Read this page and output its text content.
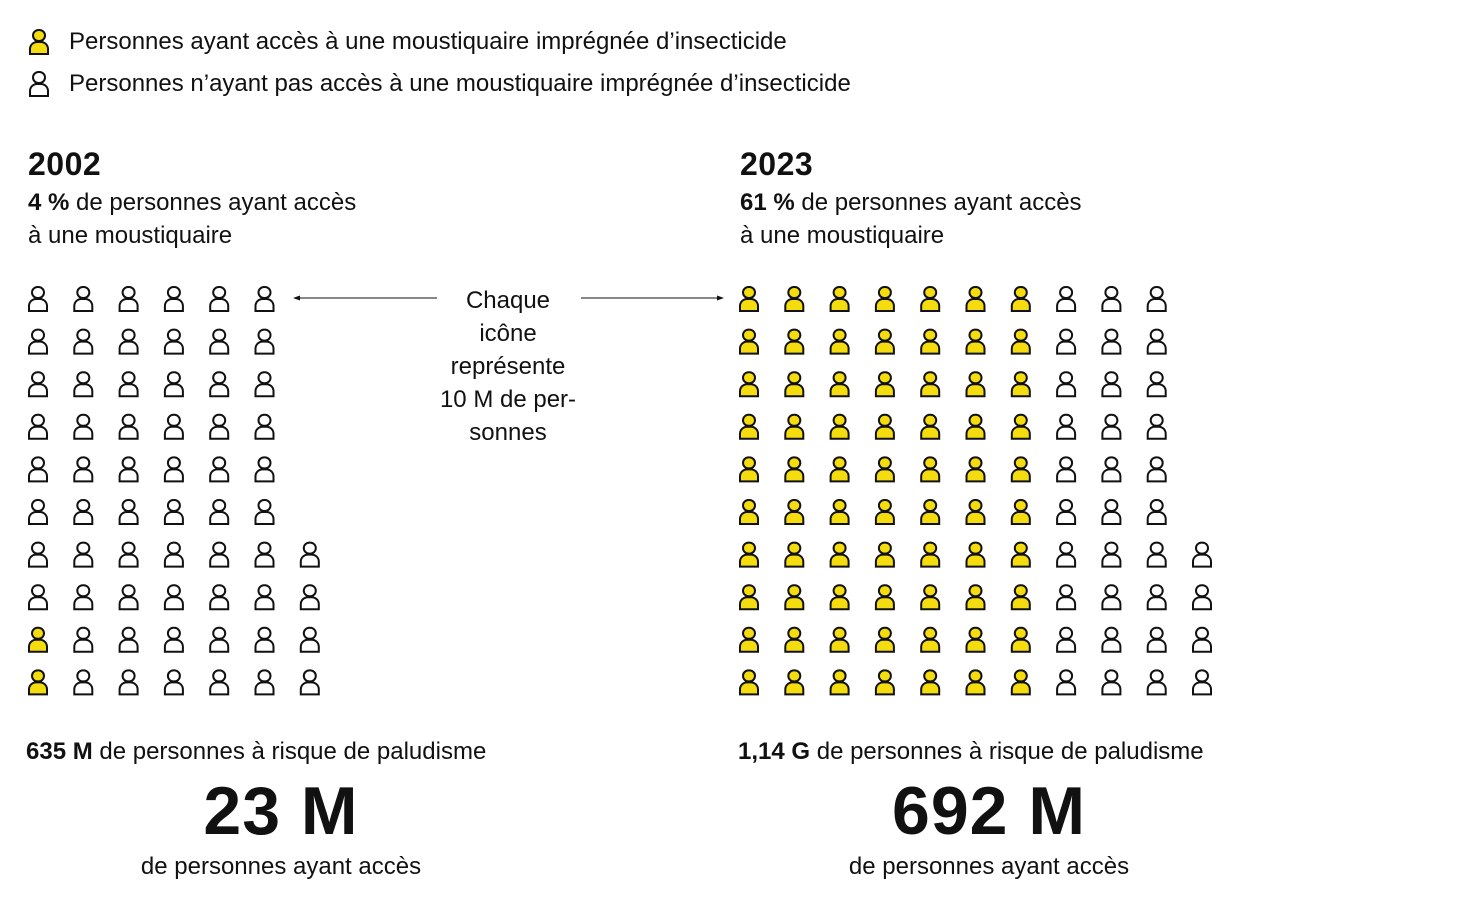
Personnes ayant accès à une moustiquaire imprégnée d’insecticide
Personnes n’ayant pas accès à une moustiquaire imprégnée d’insecticide
2002
4 % de personnes ayant accès
à une moustiquaire
2023
61 % de personnes ayant accès
à une moustiquaire
Chaque
icône
représente
10 M de per-
sonnes
635 M de personnes à risque de paludisme
23 M
de personnes ayant accès
1,14 G de personnes à risque de paludisme
692 M
de personnes ayant accès
